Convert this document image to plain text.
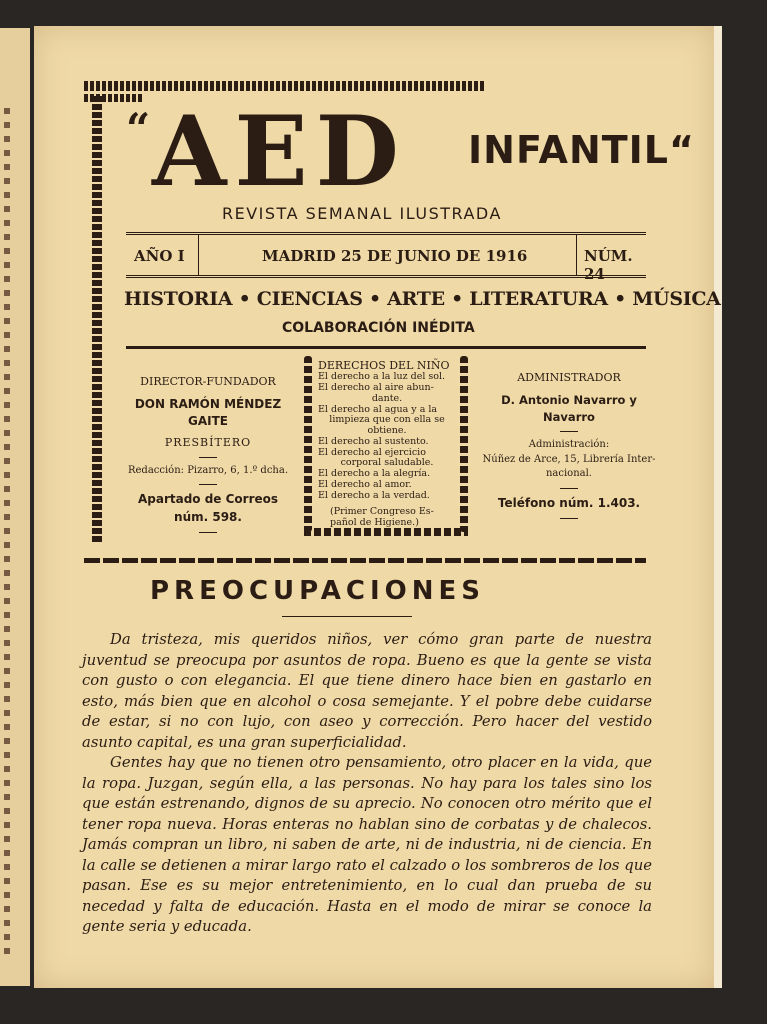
“ AED INFANTIL“
REVISTA SEMANAL ILUSTRADA
AÑO I	MADRID 25 DE JUNIO DE 1916	NÚM. 24
HISTORIA • CIENCIAS • ARTE • LITERATURA • MÚSICA
COLABORACIÓN INÉDITA
DIRECTOR-FUNDADOR
DON RAMÓN MÉNDEZ GAITE
PRESBÍTERO
Redacción: Pizarro, 6, 1.º dcha.
Apartado de Correos
núm. 598.
DERECHOS DEL NIÑO
El derecho a la luz del sol.
El derecho al aire abun-
dante.
El derecho al agua y a la
limpieza que con ella se
obtiene.
El derecho al sustento.
El derecho al ejercicio
corporal saludable.
El derecho a la alegría.
El derecho al amor.
El derecho a la verdad.
(Primer Congreso Es-
pañol de Higiene.)
ADMINISTRADOR
D. Antonio Navarro y Navarro
Administración:
Núñez de Arce, 15, Librería Inter-
nacional.
Teléfono núm. 1.403.
PREOCUPACIONES

Da tristeza, mis queridos niños, ver cómo gran parte de nuestra juventud se preocupa por asuntos de ropa. Bueno es que la gente se vista con gusto o con elegancia. El que tiene dinero hace bien en gastarlo en esto, más bien que en alcohol o cosa semejante. Y el pobre debe cuidarse de estar, si no con lujo, con aseo y corrección. Pero hacer del vestido asunto capital, es una gran superficialidad.

Gentes hay que no tienen otro pensamiento, otro placer en la vida, que la ropa. Juzgan, según ella, a las personas. No hay para los tales sino los que están estrenando, dignos de su aprecio. No conocen otro mérito que el tener ropa nueva. Horas enteras no hablan sino de corbatas y de chalecos. Jamás compran un libro, ni saben de arte, ni de industria, ni de ciencia. En la calle se detienen a mirar largo rato el calzado o los sombreros de los que pasan. Ese es su mejor entretenimiento, en lo cual dan prueba de su necedad y falta de educación. Hasta en el modo de mirar se conoce la gente seria y educada.
